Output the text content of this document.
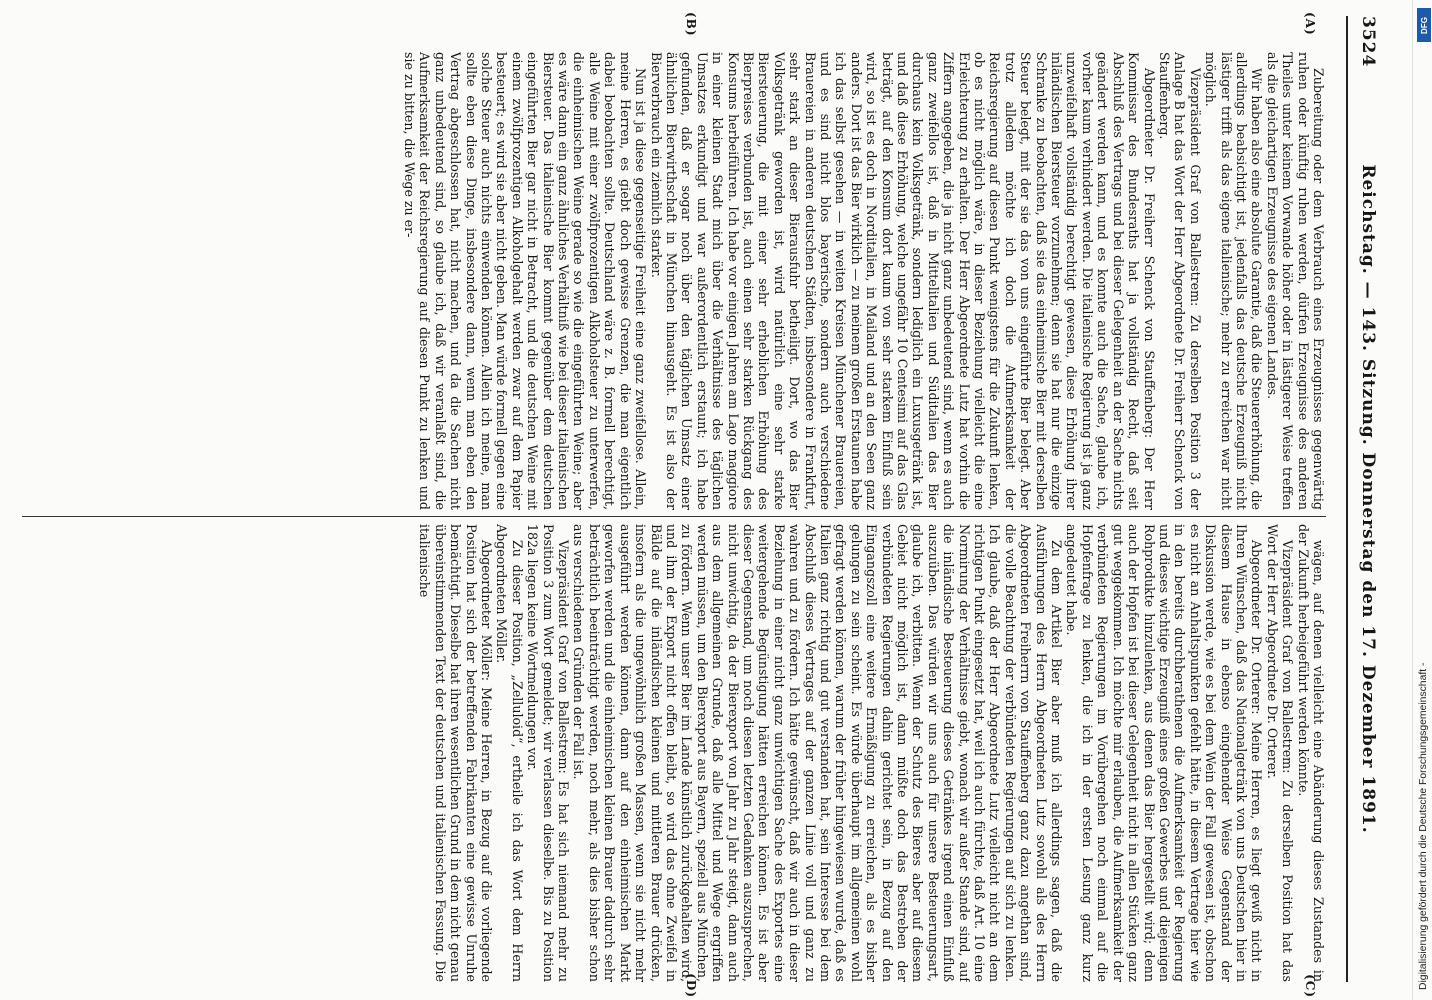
3524
Reichstag. — 143. Sitzung. Donnerstag den 17. Dezember 1891.
(A)
(B)
(C)
(D)

Zubereitung oder dem Verbrauch eines Erzeugnisses gegenwärtig ruhen oder künftig ruhen werden, dürfen Erzeugnisse des anderen Theiles unter keinem Vorwande höher oder in lästigerer Weise treffen als die gleichartigen Erzeugnisse des eigenen Landes.

Wir haben also eine absolute Garantie, daß die Steuererhöhung, die allerdings beabsichtigt ist, jedenfalls das deutsche Erzeugniß nicht lästiger trifft als das eigene italienische; mehr zu erreichen war nicht möglich.

Vizepräsident Graf von Ballestrem: Zu derselben Position 3 der Anlage B hat das Wort der Herr Abgeordnete Dr. Freiherr Schenck von Stauffenberg.

Abgeordneter Dr. Freiherr Schenck von Stauffenberg: Der Herr Kommissar des Bundesraths hat ja vollständig Recht, daß seit Abschluß des Vertrags und bei dieser Gelegenheit an der Sache nichts geändert werden kann, und es konnte auch die Sache, glaube ich, vorher kaum verhindert werden. Die italienische Regierung ist ja ganz unzweifelhaft vollständig berechtigt gewesen, diese Erhöhung ihrer inländischen Biersteuer vorzunehmen; denn sie hat nur die einzige Schranke zu beobachten, daß sie das einheimische Bier mit derselben Steuer belegt, mit der sie das von uns eingeführte Bier belegt. Aber trotz alledem möchte ich doch die Aufmerksamkeit der Reichsregierung auf diesen Punkt wenigstens für die Zukunft lenken, ob es nicht möglich wäre, in dieser Beziehung vielleicht die eine Erleichterung zu erhalten. Der Herr Abgeordnete Lutz hat vorhin die Ziffern angegeben, die ja nicht ganz unbedeutend sind, wenn es auch ganz zweifellos ist, daß in Mittelitalien und Süditalien das Bier durchaus kein Volksgetränk, sondern lediglich ein Luxusgetränk ist, und daß diese Erhöhung, welche ungefähr 10 Centesimi auf das Glas beträgt, auf den Konsum dort kaum von sehr starkem Einfluß sein wird, so ist es doch in Norditalien, in Mailand und an den Seen ganz anders. Dort ist das Bier wirklich — zu meinem großen Erstaunen habe ich das selbst gesehen — in weiten Kreisen Münchener Brauereien, und es sind nicht blos bayerische, sondern auch verschiedene Brauereien in anderen deutschen Städten, insbesondere in Frankfurt, sehr stark an dieser Bierausfuhr betheiligt. Dort, wo das Bier Volksgetränk geworden ist, wird natürlich eine sehr starke Biersteuerung, die mit einer sehr erheblichen Erhöhung des Bierpreises verbunden ist, auch einen sehr starken Rückgang des Konsums herbeiführen. Ich habe vor einigen Jahren am Lago maggiore in einer kleinen Stadt mich über die Verhältnisse des täglichen Umsatzes erkundigt und war außerordentlich erstaunt; ich habe gefunden, daß er sogar noch über den täglichen Umsatz einer ähnlichen Bierwirthschaft in München hinausgeht. Es ist also der Bierverbrauch ein ziemlich starker.

Nun ist ja diese gegenseitige Freiheit eine ganz zweifellose. Allein, meine Herren, es giebt doch gewisse Grenzen, die man eigentlich dabei beobachten sollte. Deutschland wäre z. B. formell berechtigt, alle Weine mit einer zwölfprozentigen Alkoholsteuer zu unterwerfen, die einheimischen Weine gerade so wie die eingeführten Weine; aber es wäre dann ein ganz ähnliches Verhältniß wie bei dieser italienischen Biersteuer. Das italienische Bier kommt gegenüber dem deutschen eingeführten Bier gar nicht in Betracht, und die deutschen Weine mit einem zwölfprozentigen Alkoholgehalt werden zwar auf dem Papier besteuert; es wird sie aber nicht geben. Man würde formell gegen eine solche Steuer auch nichts einwenden können. Allein ich meine, man sollte eben diese Dinge, insbesondere dann, wenn man eben den Vertrag abgeschlossen hat, nicht machen, und da die Sachen nicht ganz unbedeutend sind, so glaube ich, daß wir veranlaßt sind, die Aufmerksamkeit der Reichsregierung auf diesen Punkt zu lenken und sie zu bitten, die Wege zu er-

wägen, auf denen vielleicht eine Abänderung dieses Zustandes in der Zukunft herbeigeführt werden könnte.

Vizepräsident Graf von Ballestrem: Zu derselben Position hat das Wort der Herr Abgeordnete Dr. Orterer.

Abgeordneter Dr. Orterer: Meine Herren, es liegt gewiß nicht in Ihren Wünschen, daß das Nationalgetränk von uns Deutschen hier in diesem Hause in ebenso eingehender Weise Gegenstand der Diskussion werde, wie es bei dem Wein der Fall gewesen ist, obschon es nicht an Anhaltspunkten gefehlt hätte, in diesem Vertrage hier wie in den bereits durchberathenen die Aufmerksamkeit der Regierung und dieses wichtige Erzeugniß eines großen Gewerbes und diejenigen Rohprodukte hinzulenken, aus denen das Bier hergestellt wird; denn auch der Hopfen ist bei dieser Gelegenheit nicht in allen Stücken ganz gut weggekommen. Ich möchte mir erlauben, die Aufmerksamkeit der verbündeten Regierungen im Vorübergehen noch einmal auf die Hopfenfrage zu lenken, die ich in der ersten Lesung ganz kurz angedeutet habe.

Zu dem Artikel Bier aber muß ich allerdings sagen, daß die Ausführungen des Herrn Abgeordneten Lutz sowohl als des Herrn Abgeordneten Freiherrn von Stauffenberg ganz dazu angethan sind, die volle Beachtung der verbündeten Regierungen auf sich zu lenken. Ich glaube, daß der Herr Abgeordnete Lutz vielleicht nicht an dem richtigen Punkt eingesetzt hat, weil ich auch fürchte, daß Art. 10 eine Normirung der Verhältnisse giebt, wonach wir außer Stande sind, auf die inländische Besteuerung dieses Getränkes irgend einen Einfluß auszuüben. Das würden wir uns auch für unsere Besteuerungsart, glaube ich, verbitten. Wenn der Schutz des Bieres aber auf diesem Gebiet nicht möglich ist, dann müßte doch das Bestreben der verbündeten Regierungen dahin gerichtet sein, in Bezug auf den Eingangszoll eine weitere Ermäßigung zu erreichen, als es bisher gelungen zu sein scheint. Es würde überhaupt im allgemeinen wohl gefragt werden können, warum der früher hingewiesen wurde, daß es Italien ganz richtig und gut verstanden hat, sein Interesse bei dem Abschluß dieses Vertrages auf der ganzen Linie voll und ganz zu wahren und zu fördern. Ich hätte gewünscht, daß wir auch in dieser Beziehung in einer nicht ganz unwichtigen Sache des Exportes eine weitergehende Begünstigung hätten erreichen können. Es ist aber dieser Gegenstand, um noch diesen letzten Gedanken auszusprechen, nicht unwichtig, da der Bierexport von Jahr zu Jahr steigt, dann auch aus dem allgemeinen Grunde, daß alle Mittel und Wege ergriffen werden müssen, um den Bierexport aus Bayern, speziell aus München, zu fördern. Wenn unser Bier im Lande künstlich zurückgehalten wird, und ihm der Export nicht offen bleibt, so wird das ohne Zweifel in Bälde auf die inländischen kleinen und mittleren Brauer drücken, insofern als die ungewöhnlich großen Massen, wenn sie nicht mehr ausgeführt werden können, dann auf den einheimischen Markt geworfen werden und die einheimischen kleinen Brauer dadurch sehr beträchtlich beeinträchtigt werden, noch mehr, als dies bisher schon aus verschiedenen Gründen der Fall ist.

Vizepräsident Graf von Ballestrem: Es hat sich niemand mehr zu Position 3 zum Wort gemeldet; wir verlassen dieselbe. Bis zu Position 182a liegen keine Wortmeldungen vor.

Zu dieser Position, „Zelluloid“, ertheile ich das Wort dem Herrn Abgeordneten Möller.

Abgeordneter Möller: Meine Herren, in Bezug auf die vorliegende Position hat sich der betreffenden Fabrikanten eine gewisse Unruhe bemächtigt. Dieselbe hat ihren wesentlichen Grund in dem nicht genau übereinstimmenden Text der deutschen und italienischen Fassung. Die italienische

Digitalisierung gefördert durch die Deutsche Forschungsgemeinschaft -
DFG
